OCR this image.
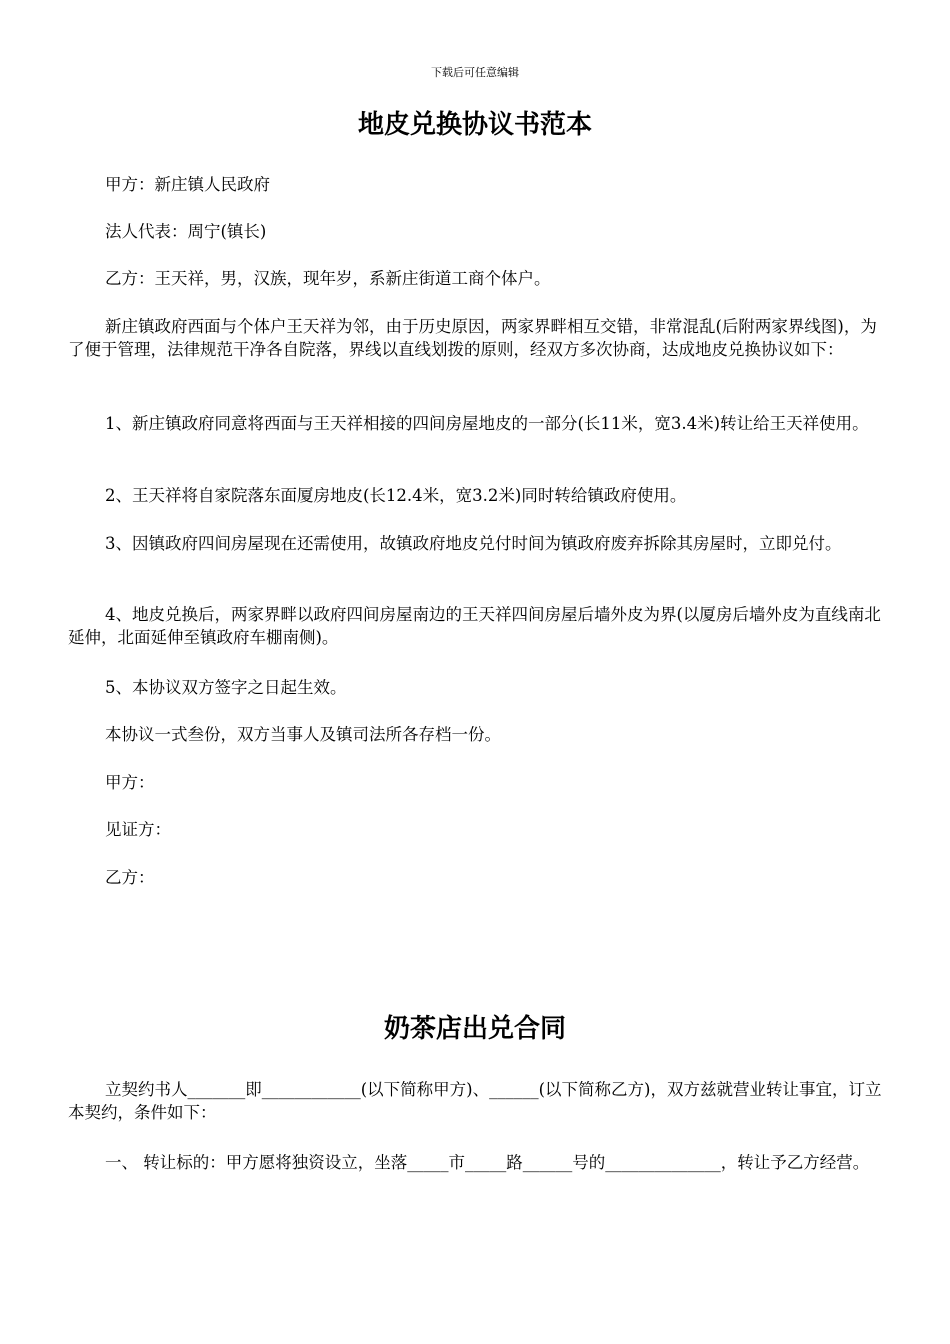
下载后可任意编辑
地皮兑换协议书范本

甲方：新庄镇人民政府

法人代表：周宁(镇长)

乙方：王天祥，男，汉族，现年岁，系新庄街道工商个体户。

新庄镇政府西面与个体户王天祥为邻，由于历史原因，两家界畔相互交错，非常混乱(后附两家界线图)，为了便于管理，法律规范干净各自院落，界线以直线划拨的原则，经双方多次协商，达成地皮兑换协议如下：

1、新庄镇政府同意将西面与王天祥相接的四间房屋地皮的一部分(长11米，宽3.4米)转让给王天祥使用。

2、王天祥将自家院落东面厦房地皮(长12.4米，宽3.2米)同时转给镇政府使用。

3、因镇政府四间房屋现在还需使用，故镇政府地皮兑付时间为镇政府废弃拆除其房屋时，立即兑付。

4、地皮兑换后，两家界畔以政府四间房屋南边的王天祥四间房屋后墙外皮为界(以厦房后墙外皮为直线南北延伸，北面延伸至镇政府车棚南侧)。

5、本协议双方签字之日起生效。

本协议一式叁份，双方当事人及镇司法所各存档一份。

甲方：

见证方：

乙方：

奶茶店出兑合同

立契约书人_______即____________(以下简称甲方)、______(以下简称乙方)，双方兹就营业转让事宜，订立本契约，条件如下：

一、 转让标的：甲方愿将独资设立，坐落_____市_____路______号的______________，转让予乙方经营。
